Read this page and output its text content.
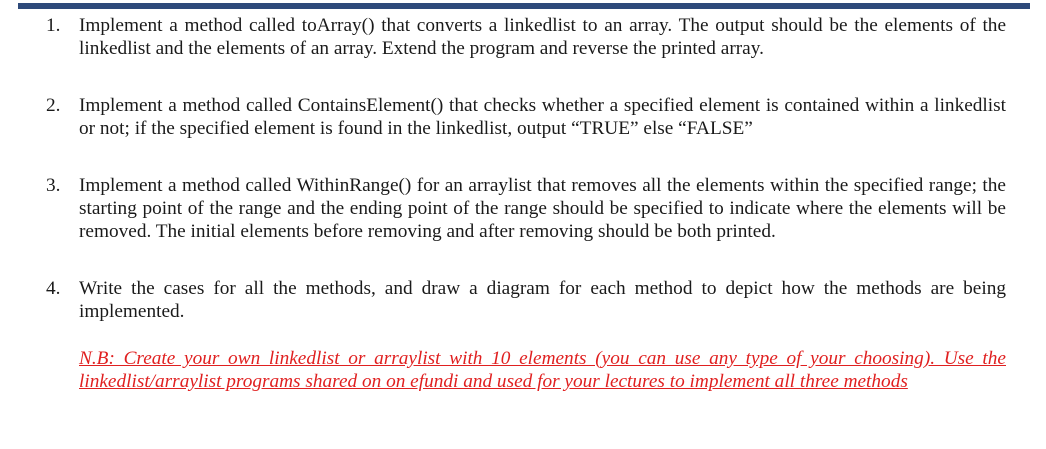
1. Implement a method called toArray() that converts a linkedlist to an array. The output should be the elements of the linkedlist and the elements of an array. Extend the program and reverse the printed array.
2. Implement a method called ContainsElement() that checks whether a specified element is contained within a linkedlist or not; if the specified element is found in the linkedlist, output “TRUE” else “FALSE”
3. Implement a method called WithinRange() for an arraylist that removes all the elements within the specified range; the starting point of the range and the ending point of the range should be specified to indicate where the elements will be removed. The initial elements before removing and after removing should be both printed.
4. Write the cases for all the methods, and draw a diagram for each method to depict how the methods are being implemented.
N.B: Create your own linkedlist or arraylist with 10 elements (you can use any type of your choosing). Use the linkedlist/arraylist programs shared on on efundi and used for your lectures to implement all three methods
